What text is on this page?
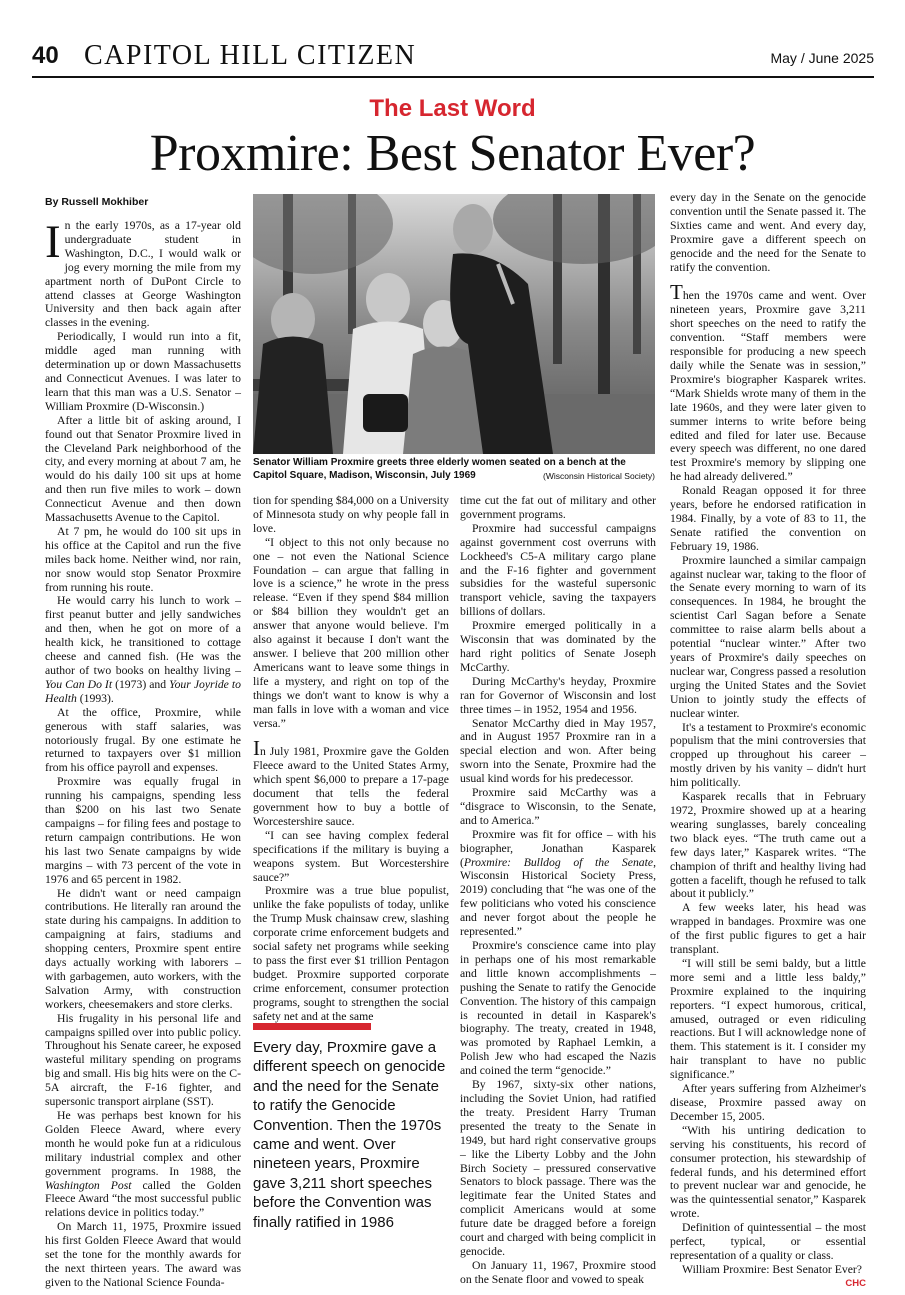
40 CAPITOL HILL CITIZEN	May / June 2025
The Last Word
Proxmire: Best Senator Ever?
By Russell Mokhiber
Senator William Proxmire greets three elderly women seated on a bench at the Capitol Square, Madison, Wisconsin, July 1969	(Wisconsin Historical Society)

In the early 1970s, as a 17-year old undergraduate student in Washington, D.C., I would walk or jog every morning the mile from my apartment north of DuPont Circle to attend classes at George Washington University and then back again after classes in the evening.

Periodically, I would run into a fit, middle aged man running with determination up or down Massachusetts and Connecticut Avenues. I was later to learn that this man was a U.S. Senator – William Proxmire (D-Wisconsin.)

After a little bit of asking around, I found out that Senator Proxmire lived in the Cleveland Park neighborhood of the city, and every morning at about 7 am, he would do his daily 100 sit ups at home and then run five miles to work – down Connecticut Avenue and then down Massachusetts Avenue to the Capitol.

At 7 pm, he would do 100 sit ups in his office at the Capitol and run the five miles back home. Neither wind, nor rain, nor snow would stop Senator Proxmire from running his route.

He would carry his lunch to work – first peanut butter and jelly sandwiches and then, when he got on more of a health kick, he transitioned to cottage cheese and canned fish. (He was the author of two books on healthy living – You Can Do It (1973) and Your Joyride to Health (1993).

At the office, Proxmire, while generous with staff salaries, was notoriously frugal. By one estimate he returned to taxpayers over $1 million from his office payroll and expenses.

Proxmire was equally frugal in running his campaigns, spending less than $200 on his last two Senate campaigns – for filing fees and postage to return campaign contributions. He won his last two Senate campaigns by wide margins – with 73 percent of the vote in 1976 and 65 percent in 1982.

He didn't want or need campaign contributions. He literally ran around the state during his campaigns. In addition to campaigning at fairs, stadiums and shopping centers, Proxmire spent entire days actually working with laborers – with garbagemen, auto workers, with the Salvation Army, with construction workers, cheesemakers and store clerks.

His frugality in his personal life and campaigns spilled over into public policy. Throughout his Senate career, he exposed wasteful military spending on programs big and small. His big hits were on the C-5A aircraft, the F-16 fighter, and supersonic transport airplane (SST).

He was perhaps best known for his Golden Fleece Award, where every month he would poke fun at a ridiculous military industrial complex and other government programs. In 1988, the Washington Post called the Golden Fleece Award “the most successful public relations device in politics today.”

On March 11, 1975, Proxmire issued his first Golden Fleece Award that would set the tone for the monthly awards for the next thirteen years. The award was given to the National Science Founda-

tion for spending $84,000 on a University of Minnesota study on why people fall in love.

“I object to this not only because no one – not even the National Science Foundation – can argue that falling in love is a science,” he wrote in the press release. “Even if they spend $84 million or $84 billion they wouldn't get an answer that anyone would believe. I'm also against it because I don't want the answer. I believe that 200 million other Americans want to leave some things in life a mystery, and right on top of the things we don't want to know is why a man falls in love with a woman and vice versa.”

In July 1981, Proxmire gave the Golden Fleece award to the United States Army, which spent $6,000 to prepare a 17-page document that tells the federal government how to buy a bottle of Worcestershire sauce.

“I can see having complex federal specifications if the military is buying a weapons system. But Worcestershire sauce?”

Proxmire was a true blue populist, unlike the fake populists of today, unlike the Trump Musk chainsaw crew, slashing corporate crime enforcement budgets and social safety net programs while seeking to pass the first ever $1 trillion Pentagon budget. Proxmire supported corporate crime enforcement, consumer protection programs, sought to strengthen the social safety net and at the same

Every day, Proxmire gave a different speech on genocide and the need for the Senate to ratify the Genocide Convention. Then the 1970s came and went. Over nineteen years, Proxmire gave 3,211 short speeches before the Convention was finally ratified in 1986

time cut the fat out of military and other government programs.

Proxmire had successful campaigns against government cost overruns with Lockheed's C5-A military cargo plane and the F-16 fighter and government subsidies for the wasteful supersonic transport vehicle, saving the taxpayers billions of dollars.

Proxmire emerged politically in a Wisconsin that was dominated by the hard right politics of Senate Joseph McCarthy.

During McCarthy's heyday, Proxmire ran for Governor of Wisconsin and lost three times – in 1952, 1954 and 1956.

Senator McCarthy died in May 1957, and in August 1957 Proxmire ran in a special election and won. After being sworn into the Senate, Proxmire had the usual kind words for his predecessor.

Proxmire said McCarthy was a “disgrace to Wisconsin, to the Senate, and to America.”

Proxmire was fit for office – with his biographer, Jonathan Kasparek (Proxmire: Bulldog of the Senate, Wisconsin Historical Society Press, 2019) concluding that “he was one of the few politicians who voted his conscience and never forgot about the people he represented.”

Proxmire's conscience came into play in perhaps one of his most remarkable and little known accomplishments – pushing the Senate to ratify the Genocide Convention. The history of this campaign is recounted in detail in Kasparek's biography. The treaty, created in 1948, was promoted by Raphael Lemkin, a Polish Jew who had escaped the Nazis and coined the term “genocide.”

By 1967, sixty-six other nations, including the Soviet Union, had ratified the treaty. President Harry Truman presented the treaty to the Senate in 1949, but hard right conservative groups – like the Liberty Lobby and the John Birch Society – pressured conservative Senators to block passage. There was the legitimate fear the United States and complicit Americans would at some future date be dragged before a foreign court and charged with being complicit in genocide.

On January 11, 1967, Proxmire stood on the Senate floor and vowed to speak

every day in the Senate on the genocide convention until the Senate passed it. The Sixties came and went. And every day, Proxmire gave a different speech on genocide and the need for the Senate to ratify the convention.

Then the 1970s came and went. Over nineteen years, Proxmire gave 3,211 short speeches on the need to ratify the convention. “Staff members were responsible for producing a new speech daily while the Senate was in session,” Proxmire's biographer Kasparek writes. “Mark Shields wrote many of them in the late 1960s, and they were later given to summer interns to write before being edited and filed for later use. Because every speech was different, no one dared test Proxmire's memory by slipping one he had already delivered.”

Ronald Reagan opposed it for three years, before he endorsed ratification in 1984. Finally, by a vote of 83 to 11, the Senate ratified the convention on February 19, 1986.

Proxmire launched a similar campaign against nuclear war, taking to the floor of the Senate every morning to warn of its consequences. In 1984, he brought the scientist Carl Sagan before a Senate committee to raise alarm bells about a potential “nuclear winter.” After two years of Proxmire's daily speeches on nuclear war, Congress passed a resolution urging the United States and the Soviet Union to jointly study the effects of nuclear winter.

It's a testament to Proxmire's economic populism that the mini controversies that cropped up throughout his career – mostly driven by his vanity – didn't hurt him politically.

Kasparek recalls that in February 1972, Proxmire showed up at a hearing wearing sunglasses, barely concealing two black eyes. “The truth came out a few days later,” Kasparek writes. “The champion of thrift and healthy living had gotten a facelift, though he refused to talk about it publicly.”

A few weeks later, his head was wrapped in bandages. Proxmire was one of the first public figures to get a hair transplant.

“I will still be semi baldy, but a little more semi and a little less baldy,” Proxmire explained to the inquiring reporters. “I expect humorous, critical, amused, outraged or even ridiculing reactions. But I will acknowledge none of them. This statement is it. I consider my hair transplant to have no public significance.”

After years suffering from Alzheimer's disease, Proxmire passed away on December 15, 2005.

“With his untiring dedication to serving his constituents, his record of consumer protection, his stewardship of federal funds, and his determined effort to prevent nuclear war and genocide, he was the quintessential senator,” Kasparek wrote.

Definition of quintessential – the most perfect, typical, or essential representation of a quality or class.

William Proxmire: Best Senator Ever?
CHC
